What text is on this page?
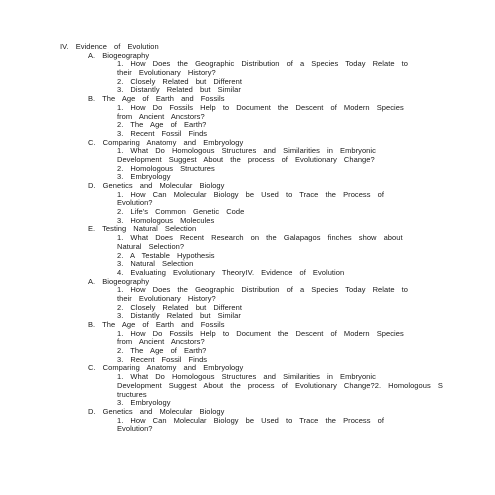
IV.  Evidence  of  Evolution
A.  Biogeography
1.  How  Does  the  Geographic  Distribution  of  a  Species  Today  Relate  to
their  Evolutionary  History?
2.  Closely  Related  but  Different
3.  Distantly  Related  but  Similar
B.  The  Age  of  Earth  and  Fossils
1.  How  Do  Fossils  Help  to  Document  the  Descent  of  Modern  Species
from  Ancient  Ancstors?
2.  The  Age  of  Earth?
3.  Recent  Fossil  Finds
C.  Comparing  Anatomy  and  Embryology
1.  What  Do  Homologous  Structures  and  Similarities  in  Embryonic
Development  Suggest  About  the  process  of  Evolutionary  Change?
2.  Homologous  Structures
3.  Embryology
D.  Genetics  and  Molecular  Biology
1.  How  Can  Molecular  Biology  be  Used  to  Trace  the  Process  of
Evolution?
2.  Life’s  Common  Genetic  Code
3.  Homologous  Molecules
E.  Testing  Natural  Selection
1.  What  Does  Recent  Research  on  the  Galapagos  finches  show  about
Natural  Selection?
2.  A  Testable  Hypothesis
3.  Natural  Selection
4.  Evaluating  Evolutionary  TheoryIV.  Evidence  of  Evolution
A.  Biogeography
1.  How  Does  the  Geographic  Distribution  of  a  Species  Today  Relate  to
their  Evolutionary  History?
2.  Closely  Related  but  Different
3.  Distantly  Related  but  Similar
B.  The  Age  of  Earth  and  Fossils
1.  How  Do  Fossils  Help  to  Document  the  Descent  of  Modern  Species
from  Ancient  Ancstors?
2.  The  Age  of  Earth?
3.  Recent  Fossil  Finds
C.  Comparing  Anatomy  and  Embryology
1.  What  Do  Homologous  Structures  and  Similarities  in  Embryonic
Development  Suggest  About  the  process  of  Evolutionary  Change?2.  Homologous  S
tructures
3.  Embryology
D.  Genetics  and  Molecular  Biology
1.  How  Can  Molecular  Biology  be  Used  to  Trace  the  Process  of
Evolution?
